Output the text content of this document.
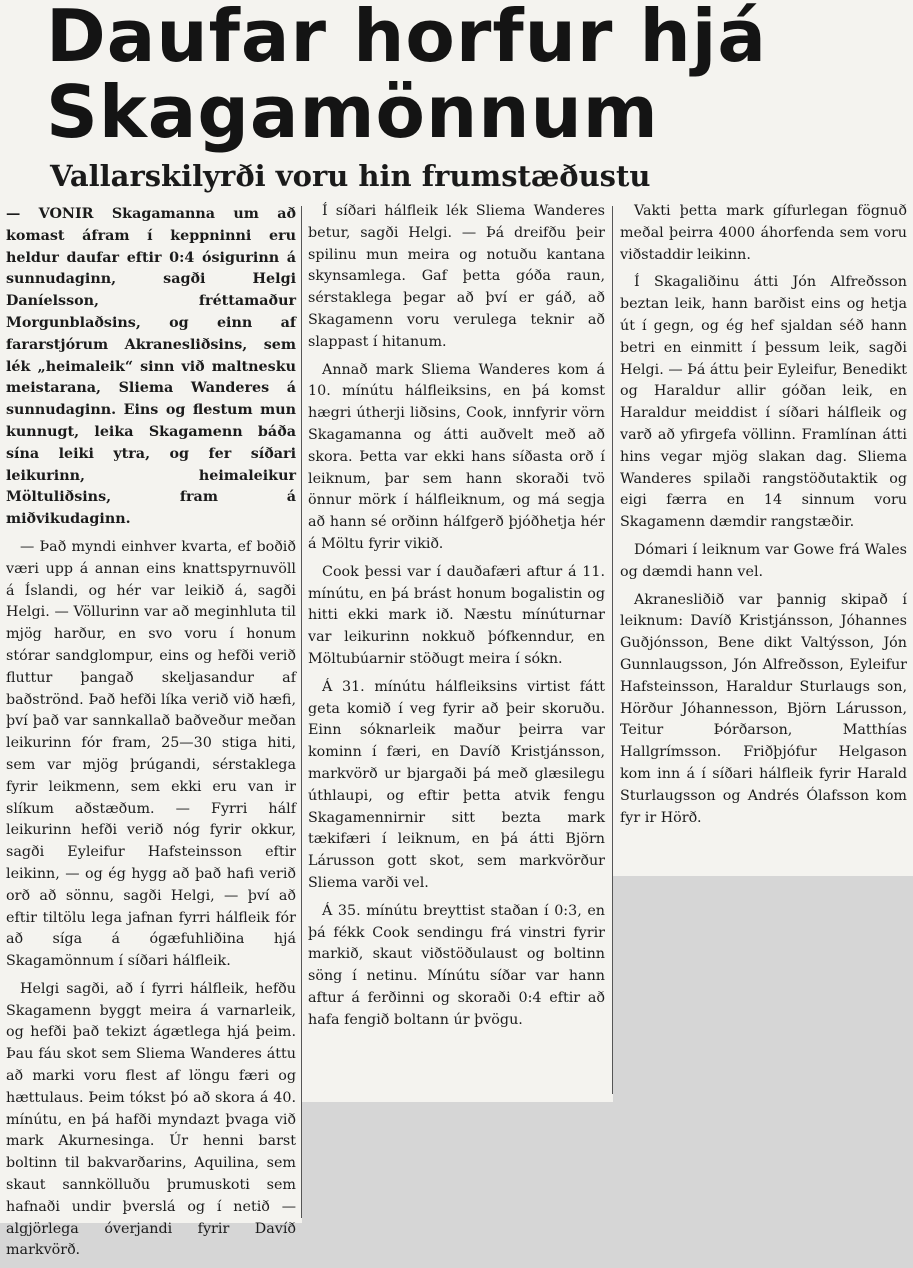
Daufar horfur hjá Skagamönnum
Vallarskilyrði voru hin frumstæðustu

— VONIR Skagamanna um að komast áfram í keppninni eru heldur daufar eftir 0:4 ósigurinn á sunnudaginn, sagði Helgi Daníelsson, fréttamaður Morgunblaðsins, og einn af fararstjórum Akranesliðsins, sem lék „heimaleik“ sinn við maltnesku meistarana, Sliema Wanderes á sunnudaginn. Eins og flestum mun kunnugt, leika Skagamenn báða sína leiki ytra, og fer síðari leikurinn, heimaleikur Möltuliðsins, fram á miðvikudaginn.

— Það myndi einhver kvarta, ef boðið væri upp á annan eins knattspyrnuvöll á Íslandi, og hér var leikið á, sagði Helgi. — Völlurinn var að meginhluta til mjög harður, en svo voru í honum stórar sandglompur, eins og hefði verið fluttur þangað skeljasandur af baðströnd. Það hefði líka verið við hæfi, því það var sannkallað baðveður meðan leikurinn fór fram, 25—30 stiga hiti, sem var mjög þrúgandi, sérstaklega fyrir leikmenn, sem ekki eru van ir slíkum aðstæðum. — Fyrri hálf leikurinn hefði verið nóg fyrir okkur, sagði Eyleifur Hafsteinsson eftir leikinn, — og ég hygg að það hafi verið orð að sönnu, sagði Helgi, — því að eftir tiltölu lega jafnan fyrri hálfleik fór að síga á ógæfuhliðina hjá Skagamönnum í síðari hálfleik.

Helgi sagði, að í fyrri hálfleik, hefðu Skagamenn byggt meira á varnarleik, og hefði það tekizt ágætlega hjá þeim. Þau fáu skot sem Sliema Wanderes áttu að marki voru flest af löngu færi og hættulaus. Þeim tókst þó að skora á 40. mínútu, en þá hafði myndazt þvaga við mark Akurnesinga. Úr henni barst boltinn til bakvarðarins, Aquilina, sem skaut sannkölluðu þrumuskoti sem hafnaði undir þverslá og í netið — algjörlega óverjandi fyrir Davíð markvörð.

Í síðari hálfleik lék Sliema Wanderes betur, sagði Helgi. — Þá dreifðu þeir spilinu mun meira og notuðu kantana skynsamlega. Gaf þetta góða raun, sérstaklega þegar að því er gáð, að Skagamenn voru verulega teknir að slappast í hitanum.

Annað mark Sliema Wanderes kom á 10. mínútu hálfleiksins, en þá komst hægri útherji liðsins, Cook, innfyrir vörn Skagamanna og átti auðvelt með að skora. Þetta var ekki hans síðasta orð í leiknum, þar sem hann skoraði tvö önnur mörk í hálfleiknum, og má segja að hann sé orðinn hálfgerð þjóðhetja hér á Möltu fyrir vikið.

Cook þessi var í dauðafæri aftur á 11. mínútu, en þá brást honum bogalistin og hitti ekki mark ið. Næstu mínúturnar var leikurinn nokkuð þófkenndur, en Möltubúarnir stöðugt meira í sókn.

Á 31. mínútu hálfleiksins virtist fátt geta komið í veg fyrir að þeir skoruðu. Einn sóknarleik maður þeirra var kominn í færi, en Davíð Kristjánsson, markvörð ur bjargaði þá með glæsilegu úthlaupi, og eftir þetta atvik fengu Skagamennirnir sitt bezta mark tækifæri í leiknum, en þá átti Björn Lárusson gott skot, sem markvörður Sliema varði vel.

Á 35. mínútu breyttist staðan í 0:3, en þá fékk Cook sendingu frá vinstri fyrir markið, skaut viðstöðulaust og boltinn söng í netinu. Mínútu síðar var hann aftur á ferðinni og skoraði 0:4 eftir að hafa fengið boltann úr þvögu.

Vakti þetta mark gífurlegan fögnuð meðal þeirra 4000 áhorfenda sem voru viðstaddir leikinn.

Í Skagaliðinu átti Jón Alfreðsson beztan leik, hann barðist eins og hetja út í gegn, og ég hef sjaldan séð hann betri en einmitt í þessum leik, sagði Helgi. — Þá áttu þeir Eyleifur, Benedikt og Haraldur allir góðan leik, en Haraldur meiddist í síðari hálfleik og varð að yfirgefa völlinn. Framlínan átti hins vegar mjög slakan dag. Sliema Wanderes spilaði rangstöðutaktik og eigi færra en 14 sinnum voru Skagamenn dæmdir rangstæðir.

Dómari í leiknum var Gowe frá Wales og dæmdi hann vel.

Akranesliðið var þannig skipað í leiknum: Davíð Kristjánsson, Jóhannes Guðjónsson, Bene dikt Valtýsson, Jón Gunnlaugsson, Jón Alfreðsson, Eyleifur Hafsteinsson, Haraldur Sturlaugs son, Hörður Jóhannesson, Björn Lárusson, Teitur Þórðarson, Matthías Hallgrímsson. Friðþjófur Helgason kom inn á í síðari hálfleik fyrir Harald Sturlaugsson og Andrés Ólafsson kom fyr ir Hörð.
